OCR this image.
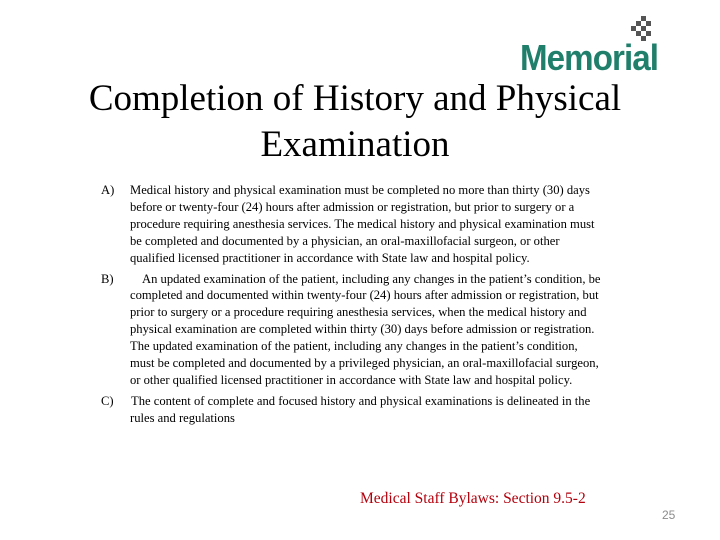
Memorial
Completion of History and Physical
Examination
A) Medical history and physical examination must be completed no more than thirty (30) days before or twenty-four (24) hours after admission or registration, but prior to surgery or a procedure requiring anesthesia services. The medical history and physical examination must be completed and documented by a physician, an oral-maxillofacial surgeon, or other qualified licensed practitioner in accordance with State law and hospital policy.
B)	An updated examination of the patient, including any changes in the patient’s condition, be completed and documented within twenty-four (24) hours after admission or registration, but prior to surgery or a procedure requiring anesthesia services, when the medical history and physical examination are completed within thirty (30) days before admission or registration. The updated examination of the patient, including any changes in the patient’s condition, must be completed and documented by a privileged physician, an oral-maxillofacial surgeon, or other qualified licensed practitioner in accordance with State law and hospital policy.
C) The content of complete and focused history and physical examinations is delineated in the rules and regulations
Medical Staff Bylaws: Section 9.5-2
25
